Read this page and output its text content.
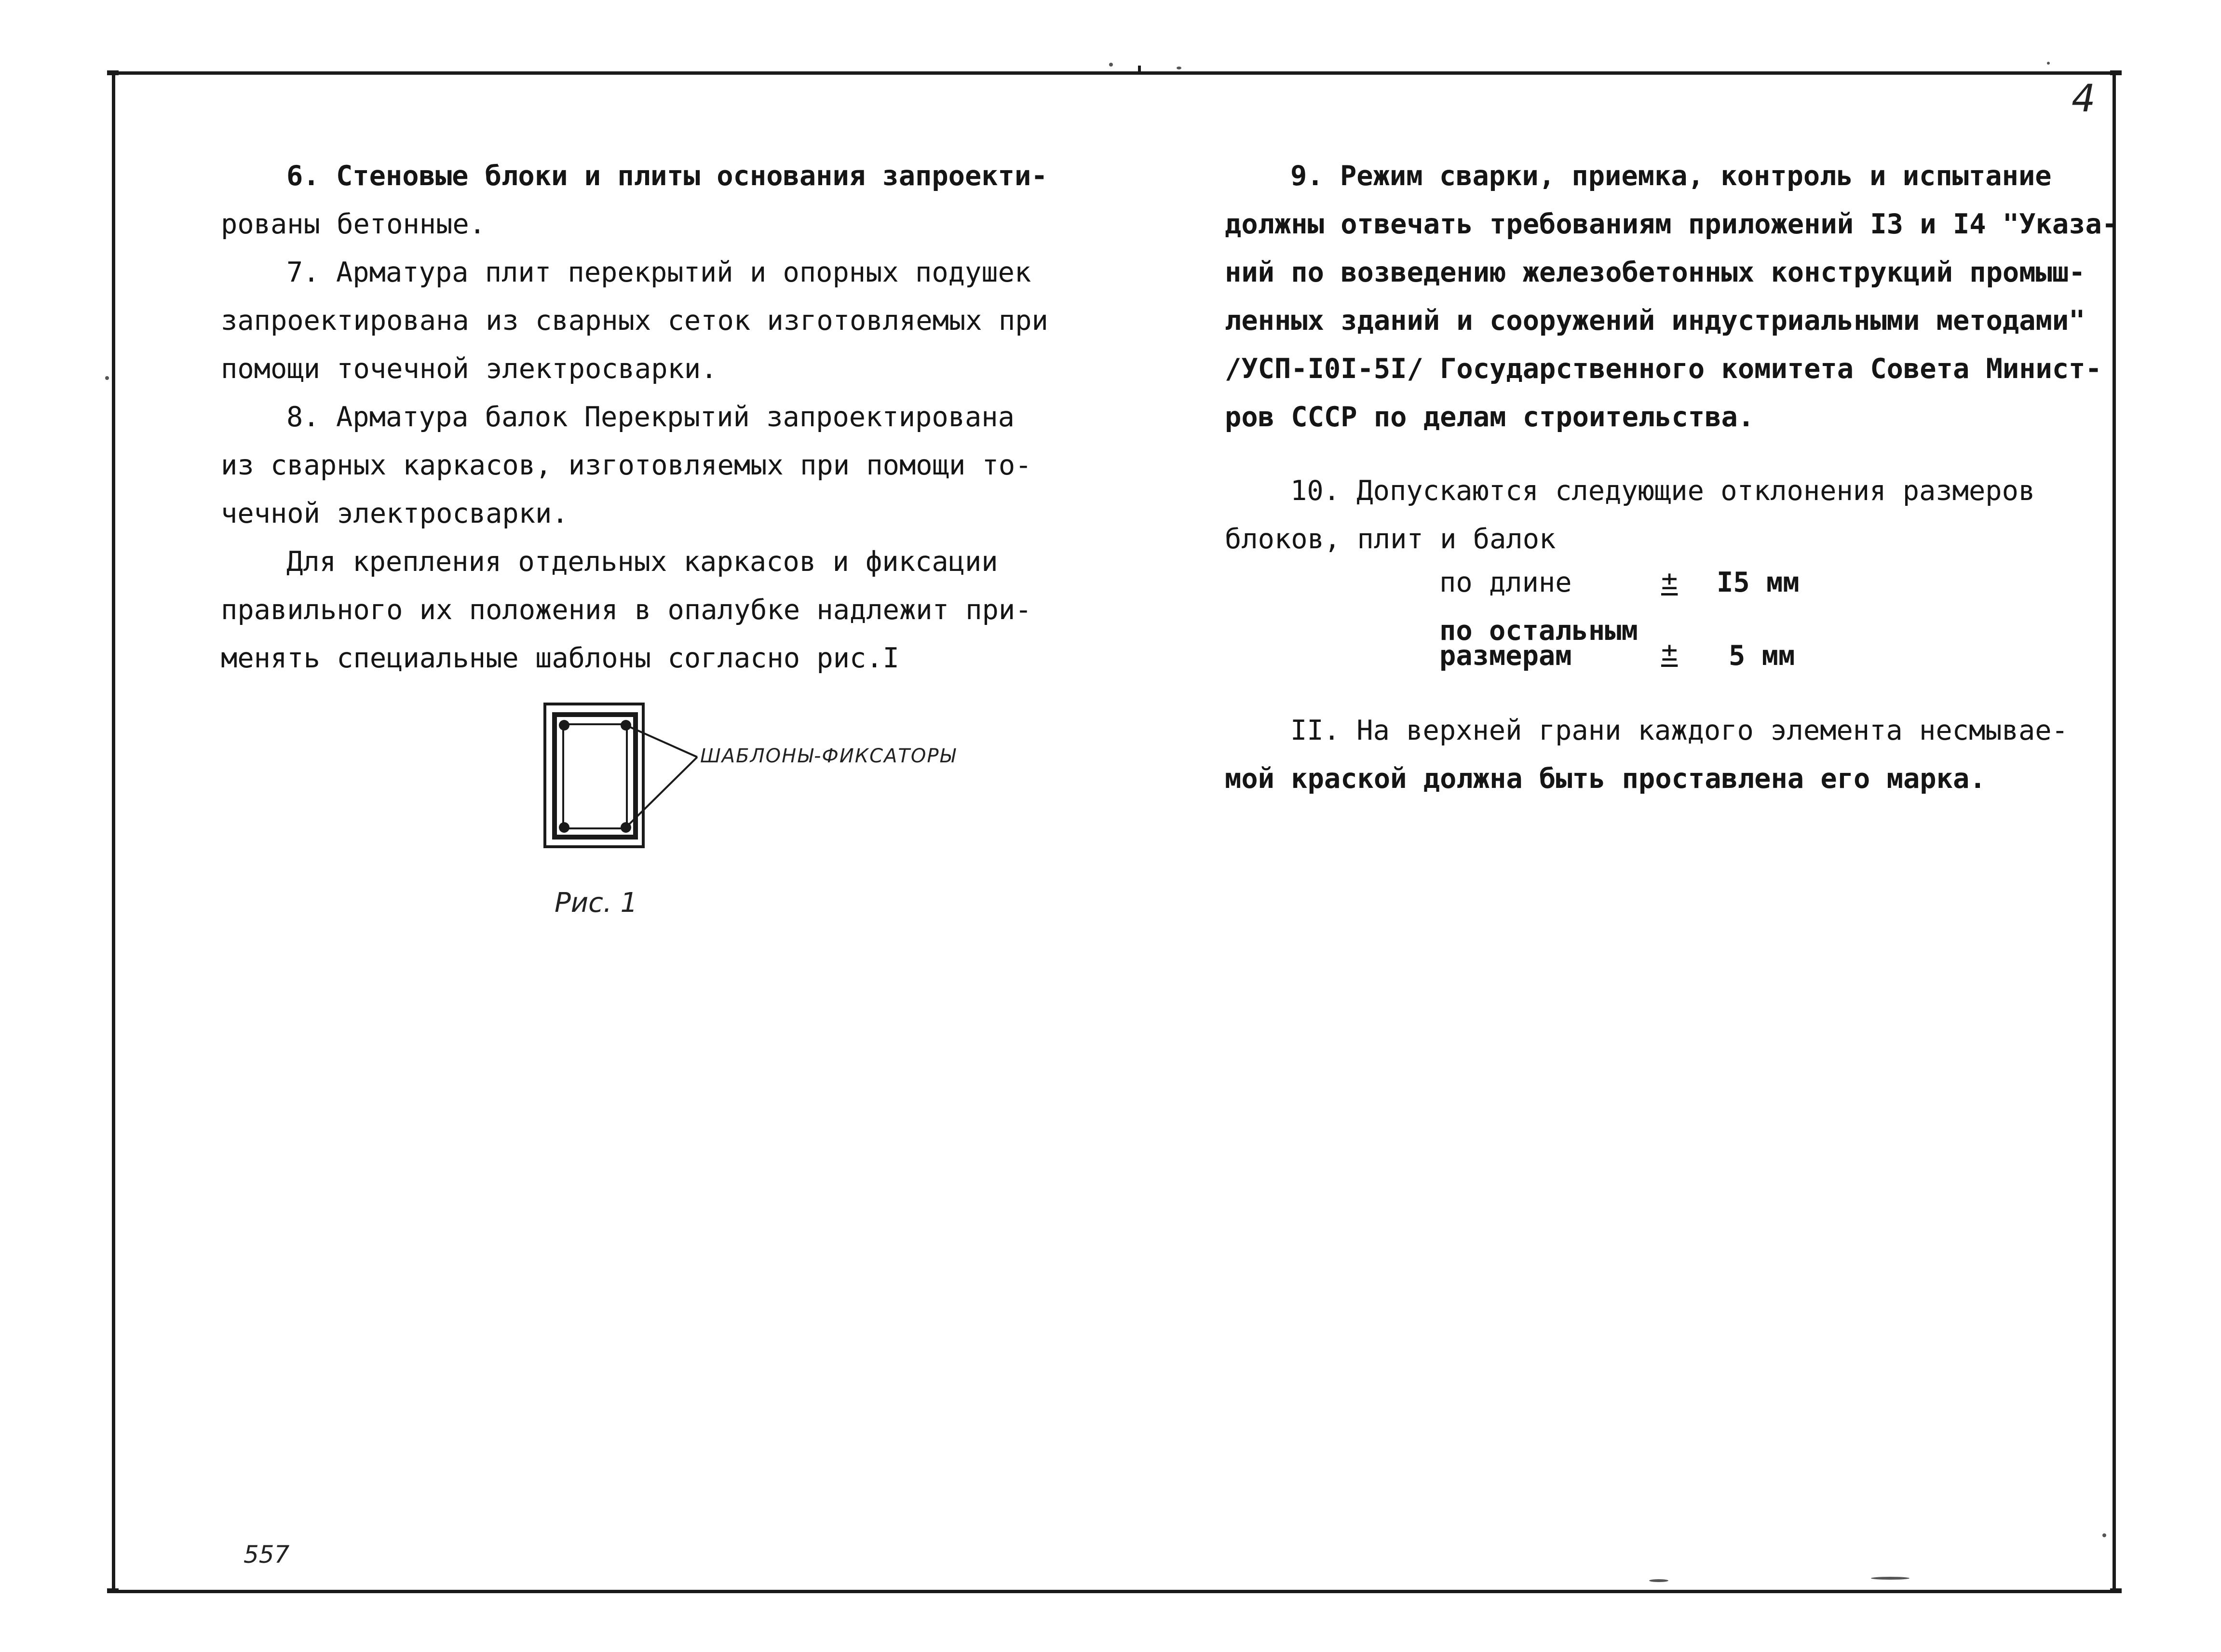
4

6. Стеновые блоки и плиты основания запроекти-

рованы бетонные.

7. Арматура плит перекрытий и опорных подушек

запроектирована из сварных сеток изготовляемых при

помощи точечной электросварки.

8. Арматура балок Перекрытий запроектирована

из сварных каркасов, изготовляемых при помощи то-

чечной электросварки.

Для крепления отдельных каркасов и фиксации

правильного их положения в опалубке надлежит при-

менять специальные шаблоны согласно рис.I

ШАБЛОНЫ-ФИКСАТОРЫ
Рис. 1

9. Режим сварки, приемка, контроль и испытание

должны отвечать требованиям приложений I3 и I4 "Указа-

ний по возведению железобетонных конструкций промыш-

ленных зданий и сооружений индустриальными методами"

/УСП-I0I-5I/ Государственного комитета Совета Минист-

ров СССР по делам строительства.

10. Допускаются следующие отклонения размеров

блоков, плит и балок

по длине	± I5 мм
по остальным
размерам	± 5 мм

II. На верхней грани каждого элемента несмываe-

мой краской должна быть проставлена его марка.

557
